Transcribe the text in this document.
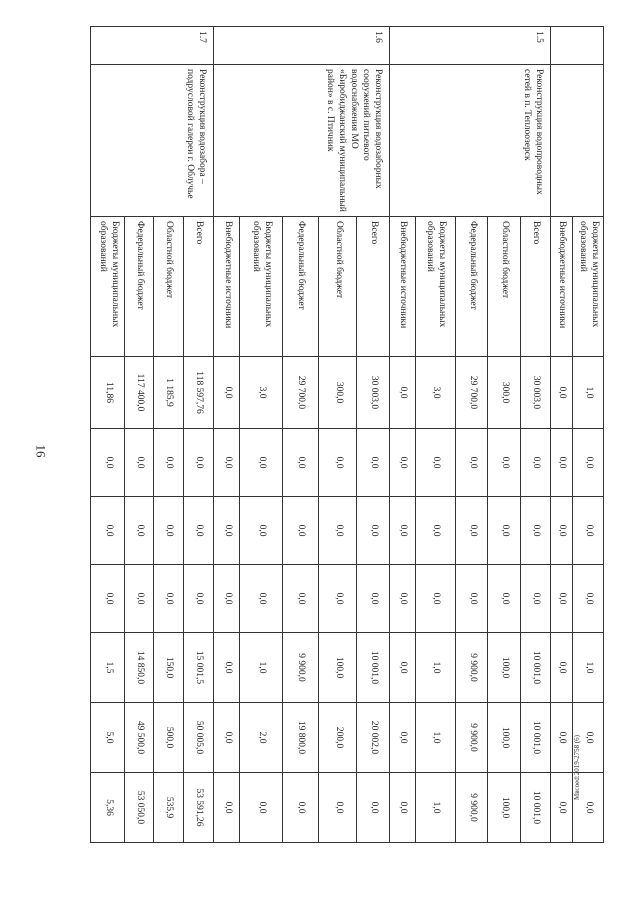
16
Мвсоеd:2019-2758 (6)
		Бюджеты муниципальных образований	1,0	0,0	0,0	0,0	1,0	0,0	0,0
		Внебюджетные источники	0,0	0,0	0,0	0,0	0,0	0,0	0,0
1.5	Реконструкция водопроводных сетей в п. Теплоозерск	Всего	30 003,0	0,0	0,0	0,0	10 001,0	10 001,0	10 001,0
		Областной бюджет	300,0	0,0	0,0	0,0	100,0	100,0	100,0
		Федеральный бюджет	29 700,0	0,0	0,0	0,0	9 900,0	9 900,0	9 900,0
		Бюджеты муниципальных образований	3,0	0,0	0,0	0,0	1,0	1,0	1,0
		Внебюджетные источники	0,0	0,0	0,0	0,0	0,0	0,0	0,0
1.6	Реконструкция водозаборных сооружений питьевого водоснабжения МО «Биробиджанский муниципальный район» в с. Птичник	Всего	30 003,0	0,0	0,0	0,0	10 001,0	20 002,0	0,0
		Областной бюджет	300,0	0,0	0,0	0,0	100,0	200,0	0,0
		Федеральный бюджет	29 700,0	0,0	0,0	0,0	9 900,0	19 800,0	0,0
		Бюджеты муниципальных образований	3,0	0,0	0,0	0,0	1,0	2,0	0,0
		Внебюджетные источники	0,0	0,0	0,0	0,0	0,0	0,0	0,0
1.7	Реконструкция водозабора – подрусловой галереи г. Облучье	Всего	118 597,76	0,0	0,0	0,0	15 001,5	50 005,0	53 591,26
		Областной бюджет	1 185,9	0,0	0,0	0,0	150,0	500,0	535,9
		Федеральный бюджет	117 400,0	0,0	0,0	0,0	14 850,0	49 500,0	53 050,0
		Бюджеты муниципальных образований	11,86	0,0	0,0	0,0	1,5	5,0	5,36
